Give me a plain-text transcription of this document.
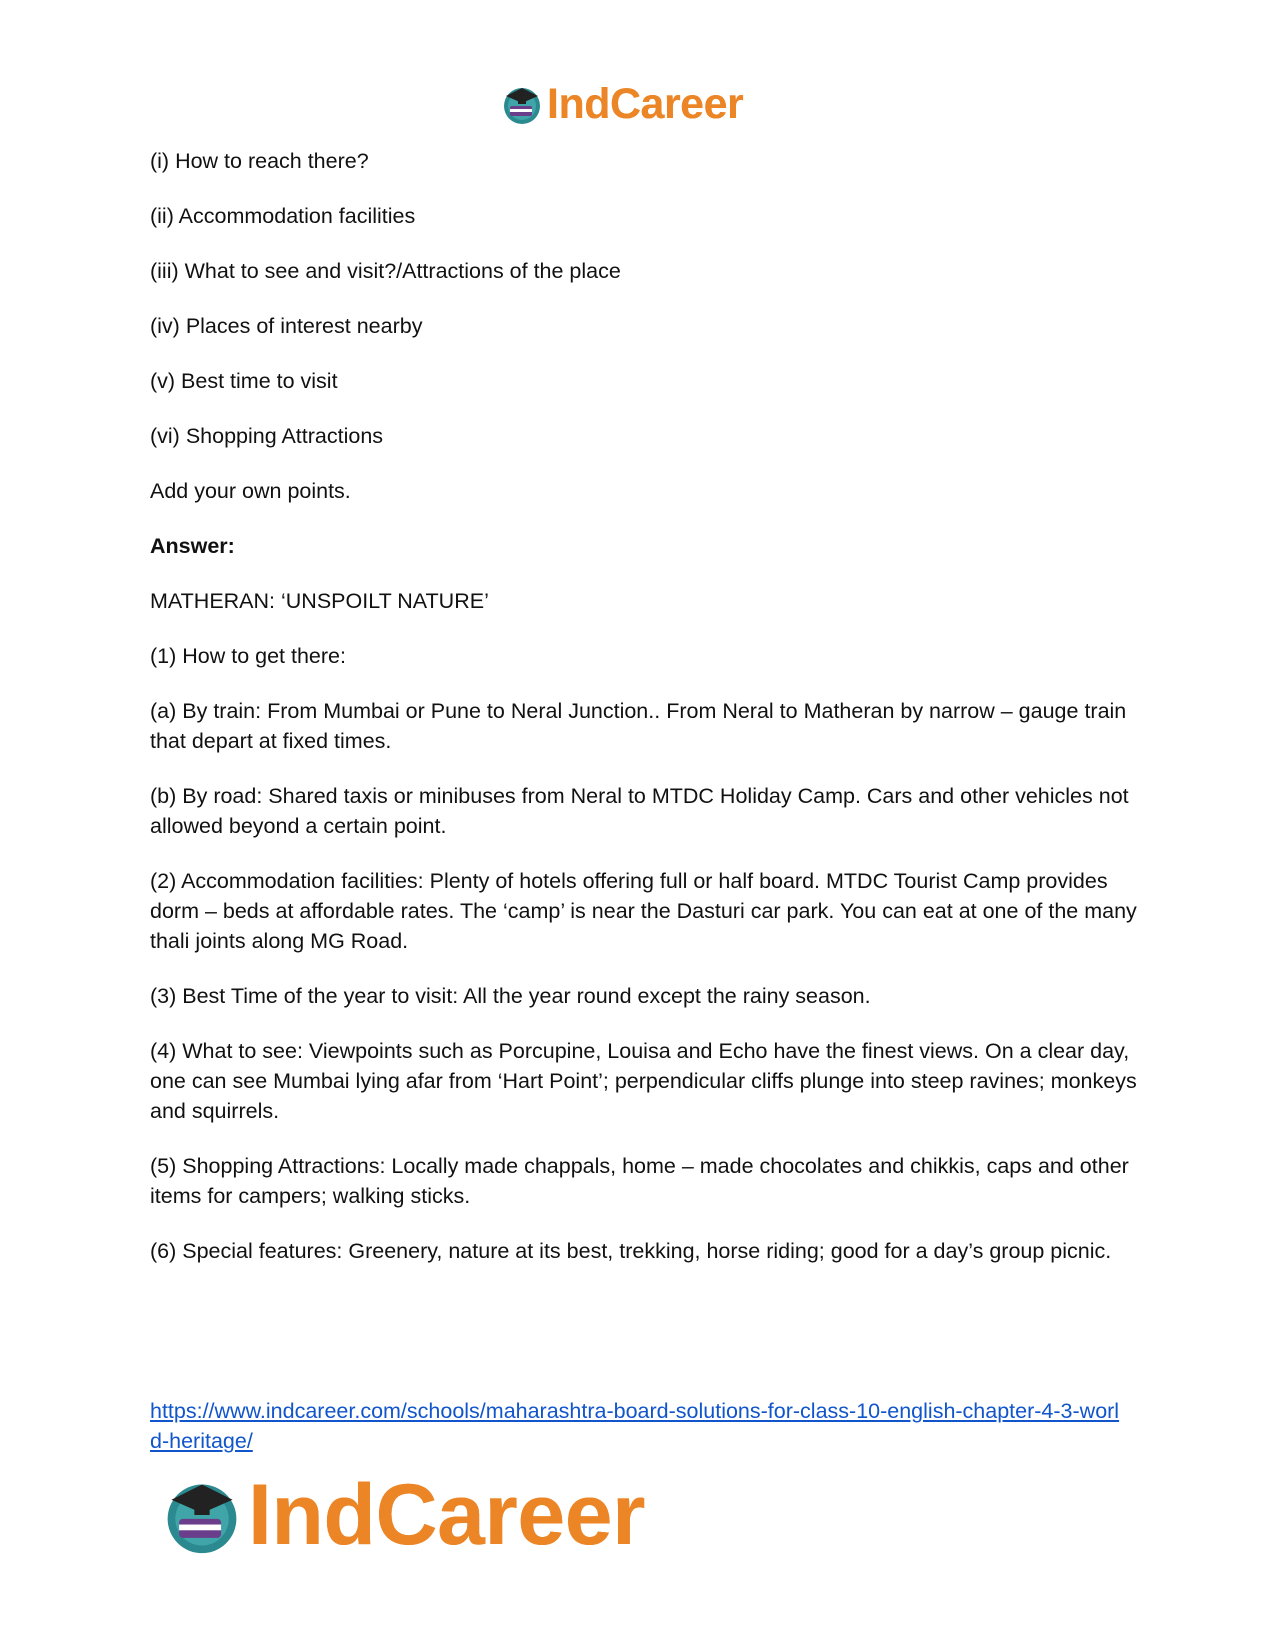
IndCareer

(i) How to reach there?

(ii) Accommodation facilities

(iii) What to see and visit?/Attractions of the place

(iv) Places of interest nearby

(v) Best time to visit

(vi) Shopping Attractions

Add your own points.

Answer:

MATHERAN: ‘UNSPOILT NATURE’

(1) How to get there:

(a) By train: From Mumbai or Pune to Neral Junction.. From Neral to Matheran by narrow – gauge train that depart at fixed times.

(b) By road: Shared taxis or minibuses from Neral to MTDC Holiday Camp. Cars and other vehicles not allowed beyond a certain point.

(2) Accommodation facilities: Plenty of hotels offering full or half board. MTDC Tourist Camp provides dorm – beds at affordable rates. The ‘camp’ is near the Dasturi car park. You can eat at one of the many thali joints along MG Road.

(3) Best Time of the year to visit: All the year round except the rainy season.

(4) What to see: Viewpoints such as Porcupine, Louisa and Echo have the finest views. On a clear day, one can see Mumbai lying afar from ‘Hart Point’; perpendicular cliffs plunge into steep ravines; monkeys and squirrels.

(5) Shopping Attractions: Locally made chappals, home – made chocolates and chikkis, caps and other items for campers; walking sticks.

(6) Special features: Greenery, nature at its best, trekking, horse riding; good for a day’s group picnic.

https://www.indcareer.com/schools/maharashtra-board-solutions-for-class-10-english-chapter-4-3-world-heritage/
IndCareer
